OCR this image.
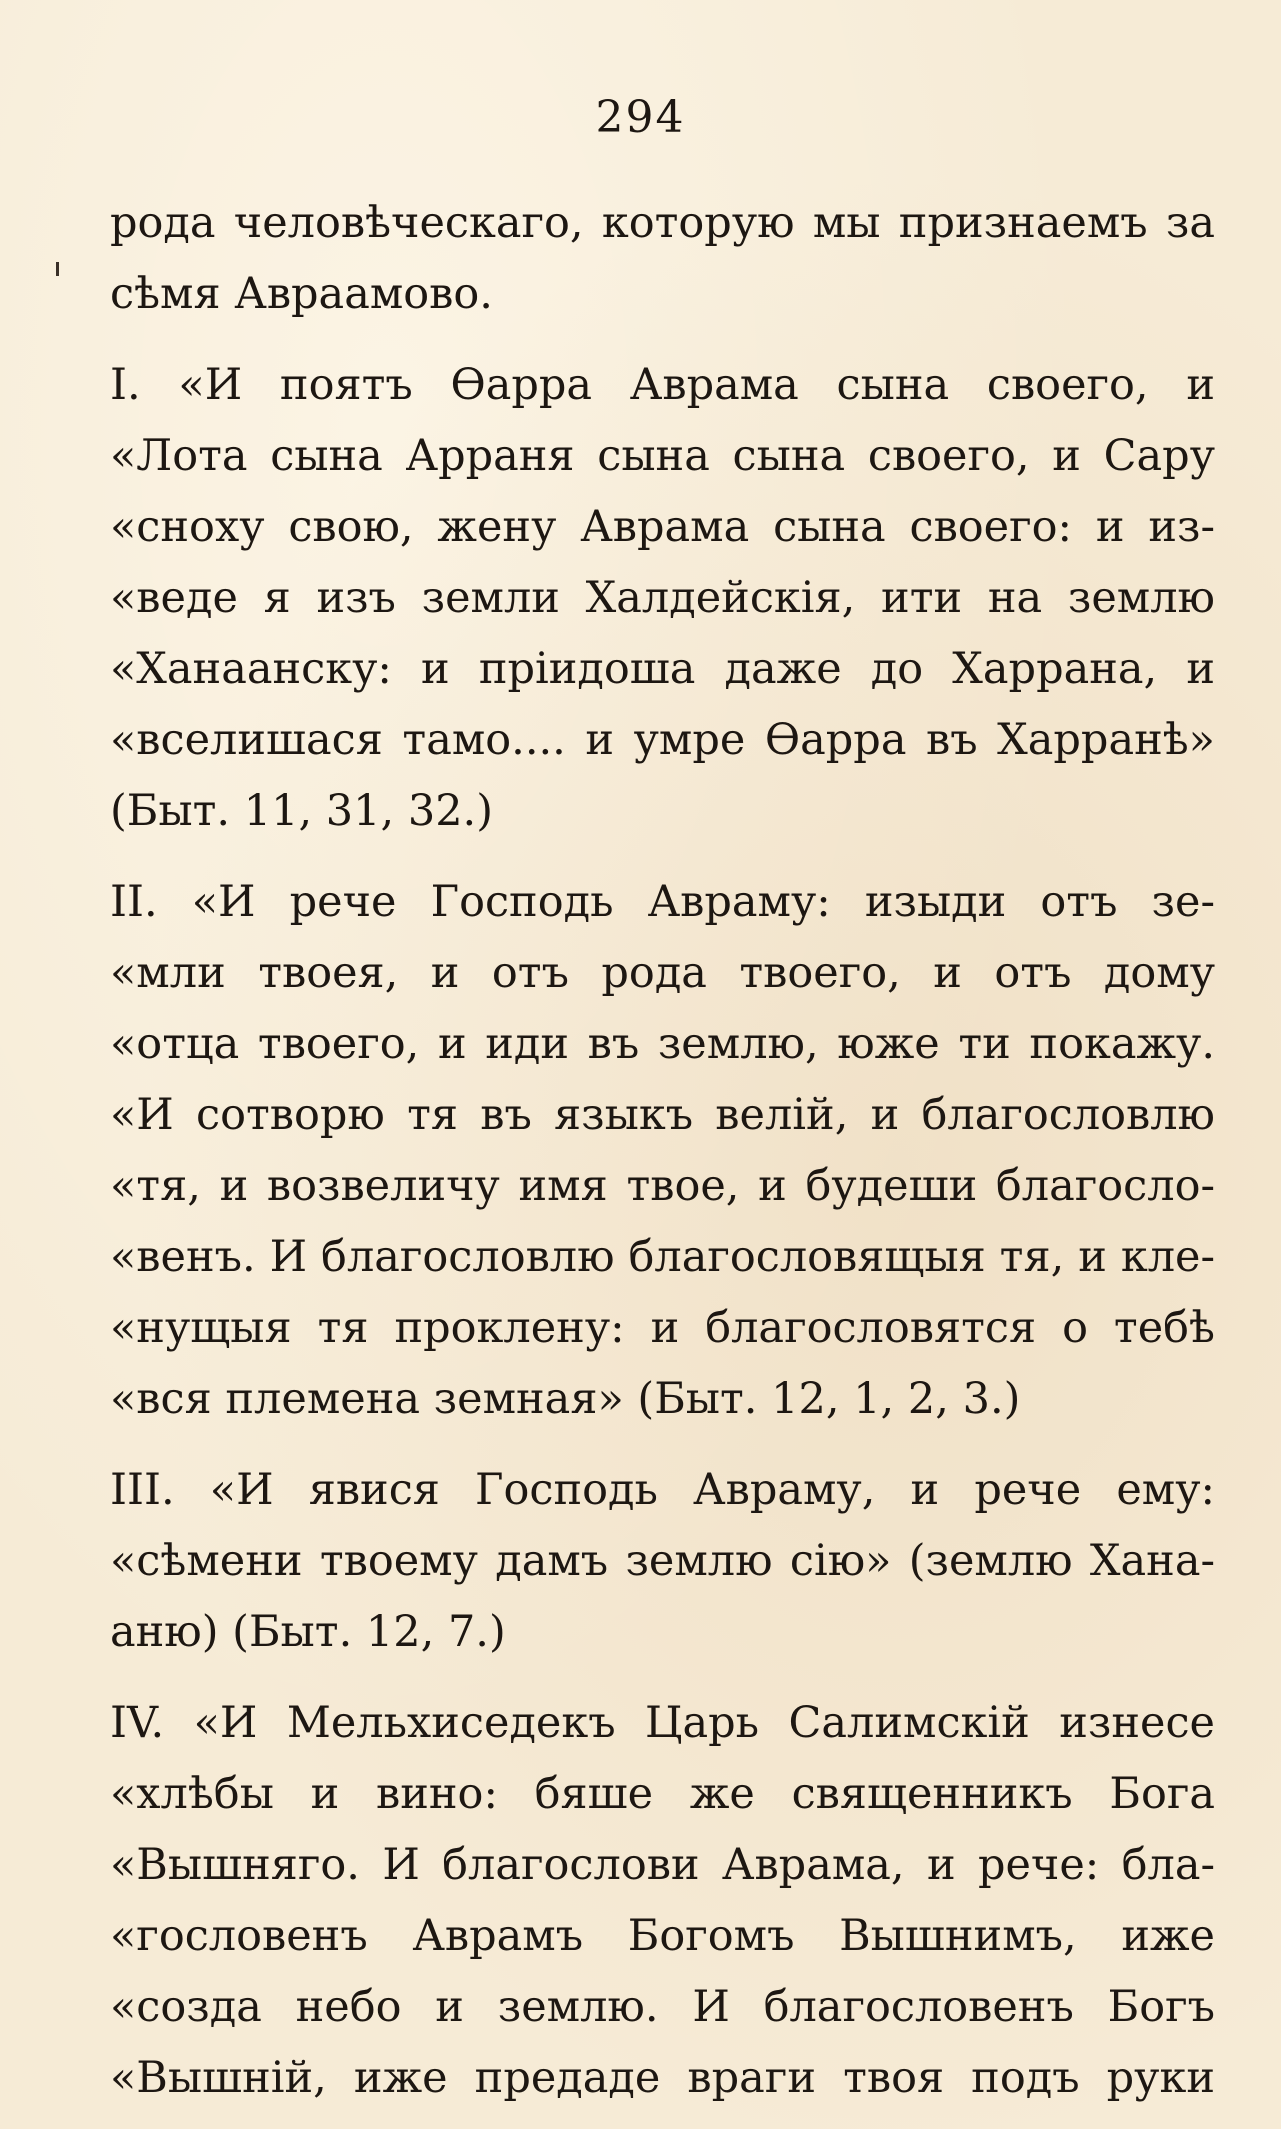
294
рода человѣческаго, которую мы признаемъ за
сѣмя Авраамово.
I. «И поятъ Ѳарра Аврама сына своего, и
«Лота сына Арраня сына сына своего, и Сару
«сноху свою, жену Аврама сына своего: и из-
«веде я изъ земли Халдейскія, ити на землю
«Ханаанску: и пріидоша даже до Харрана, и
«вселишася тамо.... и умре Ѳарра въ Харранѣ»
(Быт. 11, 31, 32.)
II. «И рече Господь Авраму: изыди отъ зе-
«мли твоея, и отъ рода твоего, и отъ дому
«отца твоего, и иди въ землю, юже ти покажу.
«И сотворю тя въ языкъ велій, и благословлю
«тя, и возвеличу имя твое, и будеши благосло-
«венъ. И благословлю благословящыя тя, и кле-
«нущыя тя проклену: и благословятся о тебѣ
«вся племена земная» (Быт. 12, 1, 2, 3.)
III. «И явися Господь Авраму, и рече ему:
«сѣмени твоему дамъ землю сію» (землю Хана-
аню) (Быт. 12, 7.)
IV. «И Мельхиседекъ Царь Салимскій изнесе
«хлѣбы и вино: бяше же священникъ Бога
«Вышняго. И благослови Аврама, и рече: бла-
«гословенъ Аврамъ Богомъ Вышнимъ, иже
«созда небо и землю. И благословенъ Богъ
«Вышній, иже предаде враги твоя подъ руки
